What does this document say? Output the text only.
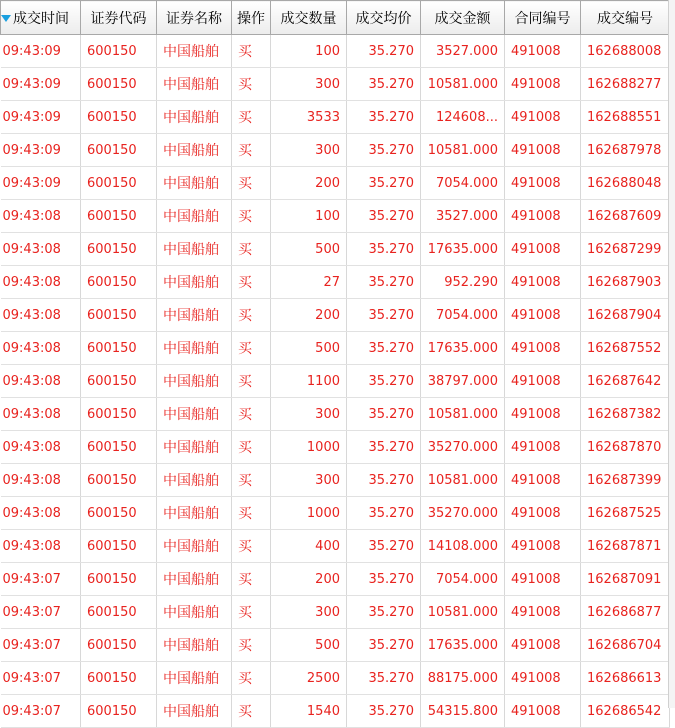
成交时间	证券代码	证券名称	操作	成交数量	成交均价	成交金额	合同编号	成交编号
09:43:09	600150	中国船舶	买	100	35.270	3527.000	491008	162688008
09:43:09	600150	中国船舶	买	300	35.270	10581.000	491008	162688277
09:43:09	600150	中国船舶	买	3533	35.270	124608...	491008	162688551
09:43:09	600150	中国船舶	买	300	35.270	10581.000	491008	162687978
09:43:09	600150	中国船舶	买	200	35.270	7054.000	491008	162688048
09:43:08	600150	中国船舶	买	100	35.270	3527.000	491008	162687609
09:43:08	600150	中国船舶	买	500	35.270	17635.000	491008	162687299
09:43:08	600150	中国船舶	买	27	35.270	952.290	491008	162687903
09:43:08	600150	中国船舶	买	200	35.270	7054.000	491008	162687904
09:43:08	600150	中国船舶	买	500	35.270	17635.000	491008	162687552
09:43:08	600150	中国船舶	买	1100	35.270	38797.000	491008	162687642
09:43:08	600150	中国船舶	买	300	35.270	10581.000	491008	162687382
09:43:08	600150	中国船舶	买	1000	35.270	35270.000	491008	162687870
09:43:08	600150	中国船舶	买	300	35.270	10581.000	491008	162687399
09:43:08	600150	中国船舶	买	1000	35.270	35270.000	491008	162687525
09:43:08	600150	中国船舶	买	400	35.270	14108.000	491008	162687871
09:43:07	600150	中国船舶	买	200	35.270	7054.000	491008	162687091
09:43:07	600150	中国船舶	买	300	35.270	10581.000	491008	162686877
09:43:07	600150	中国船舶	买	500	35.270	17635.000	491008	162686704
09:43:07	600150	中国船舶	买	2500	35.270	88175.000	491008	162686613
09:43:07	600150	中国船舶	买	1540	35.270	54315.800	491008	162686542
